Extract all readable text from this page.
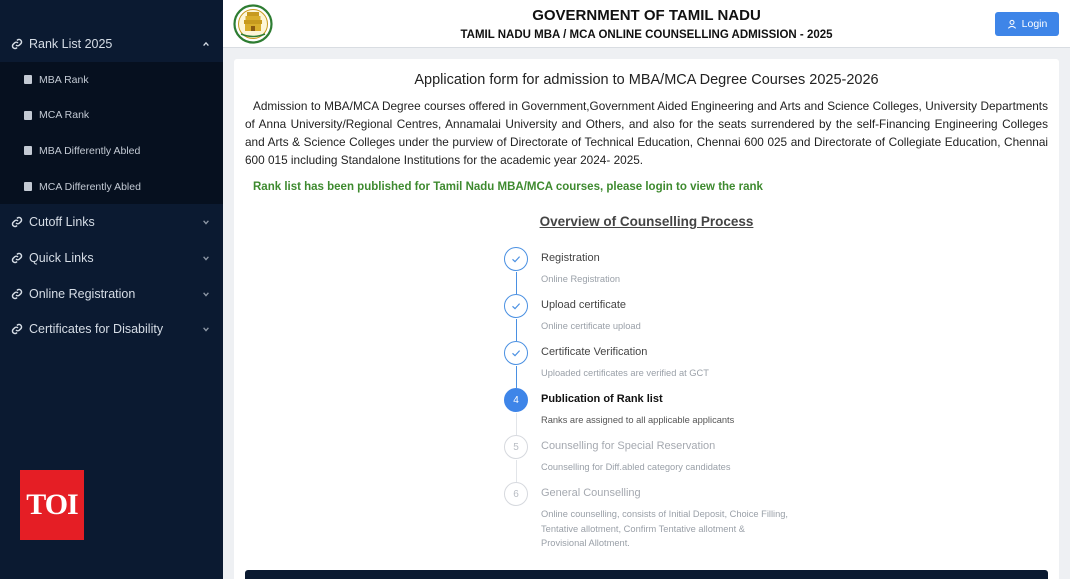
Rank List 2025
MBA Rank
MCA Rank
MBA Differently Abled
MCA Differently Abled
Cutoff Links
Quick Links
Online Registration
Certificates for Disability
TOI
GOVERNMENT OF TAMIL NADU
TAMIL NADU MBA / MCA ONLINE COUNSELLING ADMISSION - 2025
Login
Application form for admission to MBA/MCA Degree Courses 2025-2026

Admission to MBA/MCA Degree courses offered in Government,Government Aided Engineering and Arts and Science Colleges, University Departments of Anna University/Regional Centres, Annamalai University and Others, and also for the seats surrendered by the self-Financing Engineering Colleges and Arts & Science Colleges under the purview of Directorate of Technical Education, Chennai 600 025 and Directorate of Collegiate Education, Chennai 600 015 including Standalone Institutions for the academic year 2024- 2025.

Rank list has been published for Tamil Nadu MBA/MCA courses, please login to view the rank
Overview of Counselling Process
Registration
Online Registration
Upload certificate
Online certificate upload
Certificate Verification
Uploaded certificates are verified at GCT
4	Publication of Rank list
Ranks are assigned to all applicable applicants
5	Counselling for Special Reservation
Counselling for Diff.abled category candidates
6	General Counselling
Online counselling, consists of Initial Deposit, Choice Filling, Tentative allotment, Confirm Tentative allotment & Provisional Allotment.
